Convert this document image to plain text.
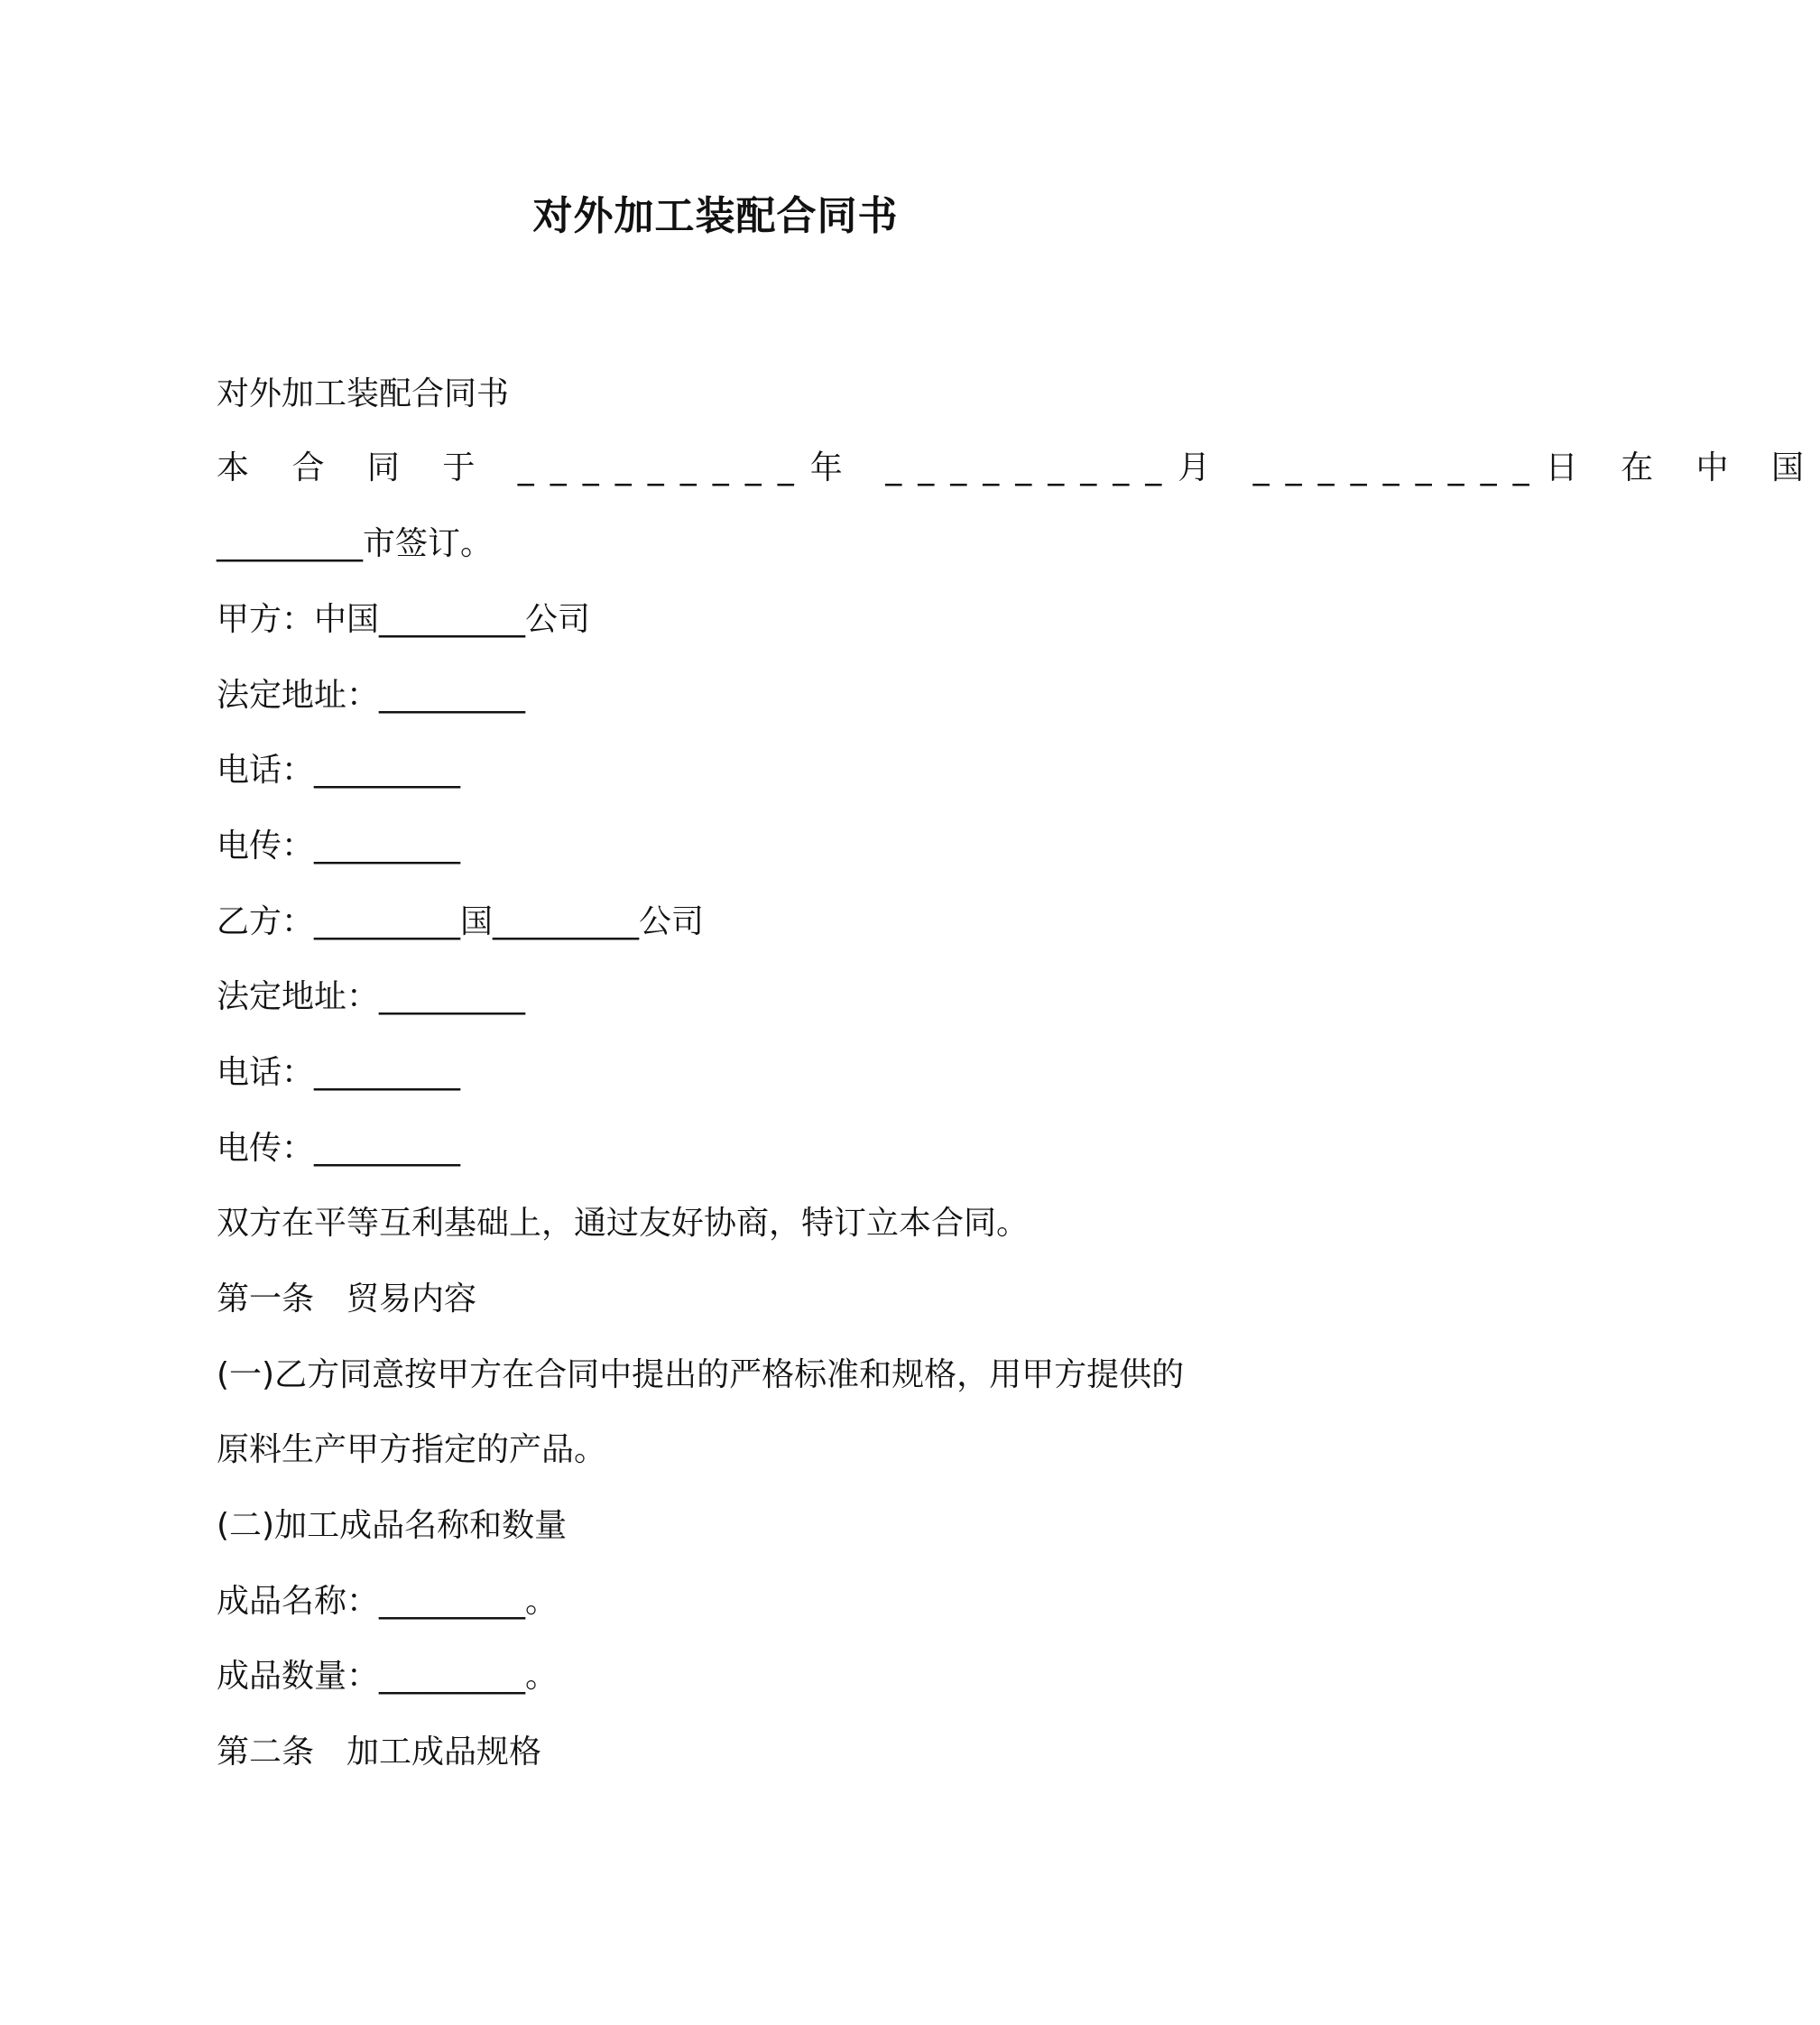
对外加工装配合同书
对外加工装配合同书
本 合 同 于 _________年 _________月 _________日 在 中 国
_________市签订。
甲方：中国_________公司
法定地址：_________
电话：_________
电传：_________
乙方：_________国_________公司
法定地址：_________
电话：_________
电传：_________
双方在平等互利基础上，通过友好协商，特订立本合同。
第一条　贸易内容
(一)乙方同意按甲方在合同中提出的严格标准和规格，用甲方提供的
原料生产甲方指定的产品。
(二)加工成品名称和数量
成品名称：_________。
成品数量：_________。
第二条　加工成品规格
